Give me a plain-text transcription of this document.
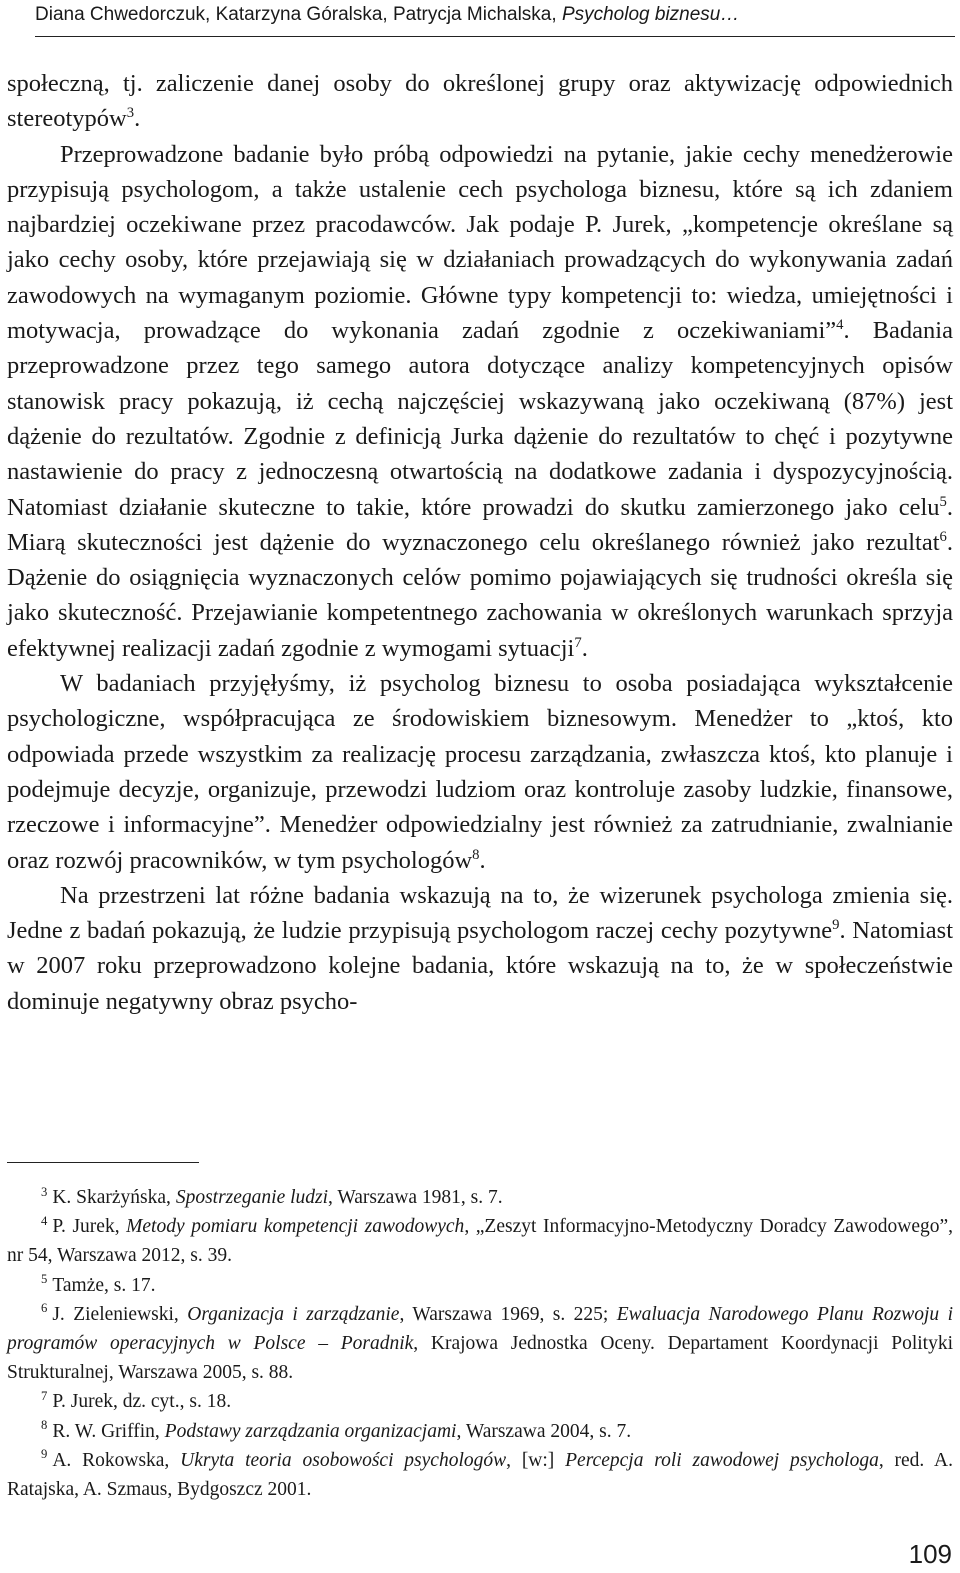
Diana Chwedorczuk, Katarzyna Góralska, Patrycja Michalska, Psycholog biznesu…

społeczną, tj. zaliczenie danej osoby do określonej grupy oraz aktywizację odpowiednich stereotypów$^3$.

Przeprowadzone badanie było próbą odpowiedzi na pytanie, jakie cechy menedżerowie przypisują psychologom, a także ustalenie cech psychologa biznesu, które są ich zdaniem najbardziej oczekiwane przez pracodawców. Jak podaje P. Jurek, „kompetencje określane są jako cechy osoby, które przejawiają się w działaniach prowadzących do wykonywania zadań zawodowych na wymaganym poziomie. Główne typy kompetencji to: wiedza, umiejętności i motywacja, prowadzące do wykonania zadań zgodnie z oczekiwaniami”$^4$. Badania przeprowadzone przez tego samego autora dotyczące analizy kompetencyjnych opisów stanowisk pracy pokazują, iż cechą najczęściej wskazywaną jako oczekiwaną (87%) jest dążenie do rezultatów. Zgodnie z definicją Jurka dążenie do rezultatów to chęć i pozytywne nastawienie do pracy z jednoczesną otwartością na dodatkowe zadania i dyspozycyjnością. Natomiast działanie skuteczne to takie, które prowadzi do skutku zamierzonego jako celu$^5$. Miarą skuteczności jest dążenie do wyznaczonego celu określanego również jako rezultat$^6$. Dążenie do osiągnięcia wyznaczonych celów pomimo pojawiających się trudności określa się jako skuteczność. Przejawianie kompetentnego zachowania w określonych warunkach sprzyja efektywnej realizacji zadań zgodnie z wymogami sytuacji$^7$.

W badaniach przyjęłyśmy, iż psycholog biznesu to osoba posiadająca wykształcenie psychologiczne, współpracująca ze środowiskiem biznesowym. Menedżer to „ktoś, kto odpowiada przede wszystkim za realizację procesu zarządzania, zwłaszcza ktoś, kto planuje i podejmuje decyzje, organizuje, przewodzi ludziom oraz kontroluje zasoby ludzkie, finansowe, rzeczowe i informacyjne”. Menedżer odpowiedzialny jest również za zatrudnianie, zwalnianie oraz rozwój pracowników, w tym psychologów$^8$.

Na przestrzeni lat różne badania wskazują na to, że wizerunek psychologa zmienia się. Jedne z badań pokazują, że ludzie przypisują psychologom raczej cechy pozytywne$^9$. Natomiast w 2007 roku przeprowadzono kolejne badania, które wskazują na to, że w społeczeństwie dominuje negatywny obraz psycho-

$^3$ K. Skarżyńska, Spostrzeganie ludzi, Warszawa 1981, s. 7.

$^4$ P. Jurek, Metody pomiaru kompetencji zawodowych, „Zeszyt Informacyjno-Metodyczny Doradcy Zawodowego”, nr 54, Warszawa 2012, s. 39.

$^5$ Tamże, s. 17.

$^6$ J. Zieleniewski, Organizacja i zarządzanie, Warszawa 1969, s. 225; Ewaluacja Narodowego Planu Rozwoju i programów operacyjnych w Polsce – Poradnik, Krajowa Jednostka Oceny. Departament Koordynacji Polityki Strukturalnej, Warszawa 2005, s. 88.

$^7$ P. Jurek, dz. cyt., s. 18.

$^8$ R. W. Griffin, Podstawy zarządzania organizacjami, Warszawa 2004, s. 7.

$^9$ A. Rokowska, Ukryta teoria osobowości psychologów, [w:] Percepcja roli zawodowej psychologa, red. A. Ratajska, A. Szmaus, Bydgoszcz 2001.

109
